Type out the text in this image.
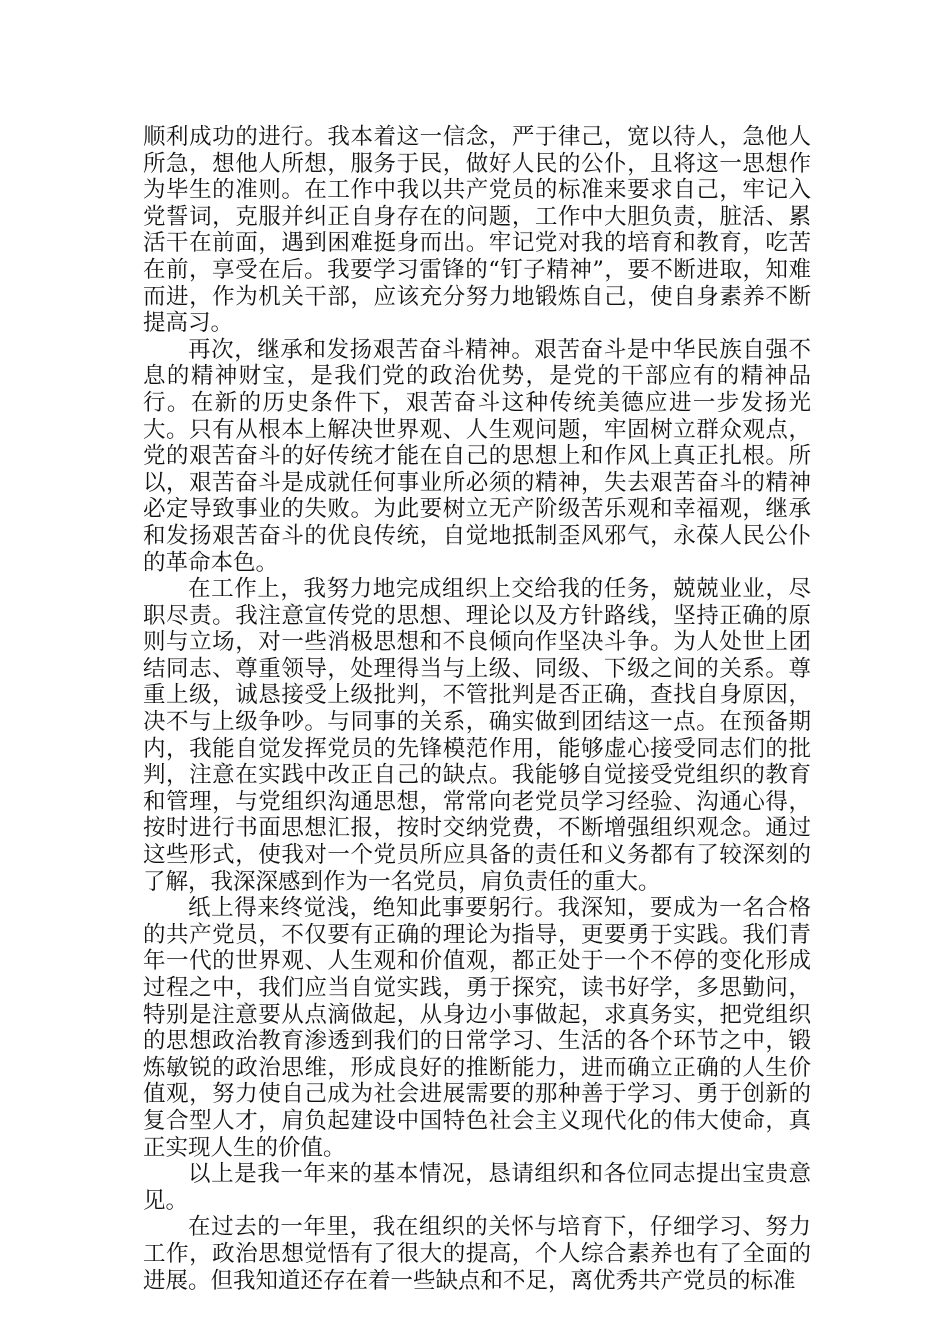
顺利成功的进行。我本着这一信念，严于律己，宽以待人，急他人所急，想他人所想，服务于民，做好人民的公仆，且将这一思想作为毕生的准则。在工作中我以共产党员的标准来要求自己，牢记入党誓词，克服并纠正自身存在的问题，工作中大胆负责，脏活、累活干在前面，遇到困难挺身而出。牢记党对我的培育和教育，吃苦在前，享受在后。我要学习雷锋的“钉子精神”，要不断进取，知难而进，作为机关干部，应该充分努力地锻炼自己，使自身素养不断提高习。

再次，继承和发扬艰苦奋斗精神。艰苦奋斗是中华民族自强不息的精神财宝，是我们党的政治优势，是党的干部应有的精神品行。在新的历史条件下，艰苦奋斗这种传统美德应进一步发扬光大。只有从根本上解决世界观、人生观问题，牢固树立群众观点，党的艰苦奋斗的好传统才能在自己的思想上和作风上真正扎根。所以，艰苦奋斗是成就任何事业所必须的精神，失去艰苦奋斗的精神必定导致事业的失败。为此要树立无产阶级苦乐观和幸福观，继承和发扬艰苦奋斗的优良传统，自觉地抵制歪风邪气，永葆人民公仆的革命本色。

在工作上，我努力地完成组织上交给我的任务，兢兢业业，尽职尽责。我注意宣传党的思想、理论以及方针路线，坚持正确的原则与立场，对一些消极思想和不良倾向作坚决斗争。为人处世上团结同志、尊重领导，处理得当与上级、同级、下级之间的关系。尊重上级，诚恳接受上级批判，不管批判是否正确，查找自身原因，决不与上级争吵。与同事的关系，确实做到团结这一点。在预备期内，我能自觉发挥党员的先锋模范作用，能够虚心接受同志们的批判，注意在实践中改正自己的缺点。我能够自觉接受党组织的教育和管理，与党组织沟通思想，常常向老党员学习经验、沟通心得，按时进行书面思想汇报，按时交纳党费，不断增强组织观念。通过这些形式，使我对一个党员所应具备的责任和义务都有了较深刻的了解，我深深感到作为一名党员，肩负责任的重大。

纸上得来终觉浅，绝知此事要躬行。我深知，要成为一名合格的共产党员，不仅要有正确的理论为指导，更要勇于实践。我们青年一代的世界观、人生观和价值观，都正处于一个不停的变化形成过程之中，我们应当自觉实践，勇于探究，读书好学，多思勤问，特别是注意要从点滴做起，从身边小事做起，求真务实，把党组织的思想政治教育渗透到我们的日常学习、生活的各个环节之中，锻炼敏锐的政治思维，形成良好的推断能力，进而确立正确的人生价值观，努力使自己成为社会进展需要的那种善于学习、勇于创新的复合型人才，肩负起建设中国特色社会主义现代化的伟大使命，真正实现人生的价值。

以上是我一年来的基本情况，恳请组织和各位同志提出宝贵意见。

在过去的一年里，我在组织的关怀与培育下，仔细学习、努力工作，政治思想觉悟有了很大的提高，个人综合素养也有了全面的进展。但我知道还存在着一些缺点和不足，离优秀共产党员的标准
